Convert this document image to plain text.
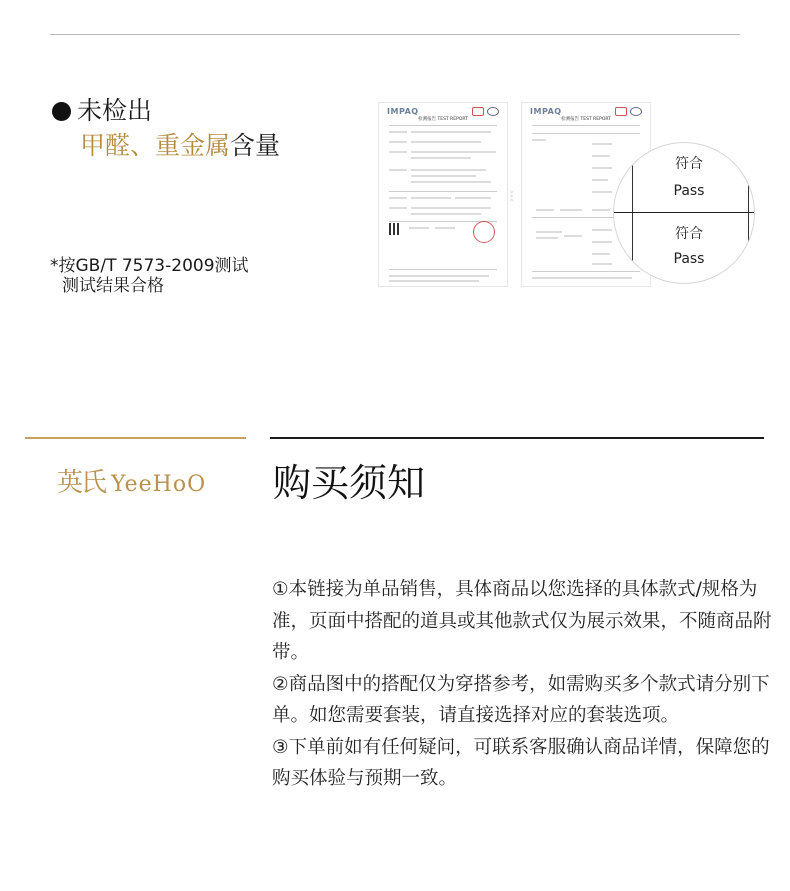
未检出
甲醛、重金属含量
*按GB/T 7573-2009测试
测试结果合格
IMPAQ
检测报告 TEST REPORT
◦◦◦
IMPAQ
检测报告 TEST REPORT
符合
Pass
符合
Pass
英氏 YeeHoO 购买须知

①本链接为单品销售，具体商品以您选择的具体款式/规格为准，页面中搭配的道具或其他款式仅为展示效果，不随商品附带。

②商品图中的搭配仅为穿搭参考，如需购买多个款式请分别下单。如您需要套装，请直接选择对应的套装选项。

③下单前如有任何疑问，可联系客服确认商品详情，保障您的购买体验与预期一致。
